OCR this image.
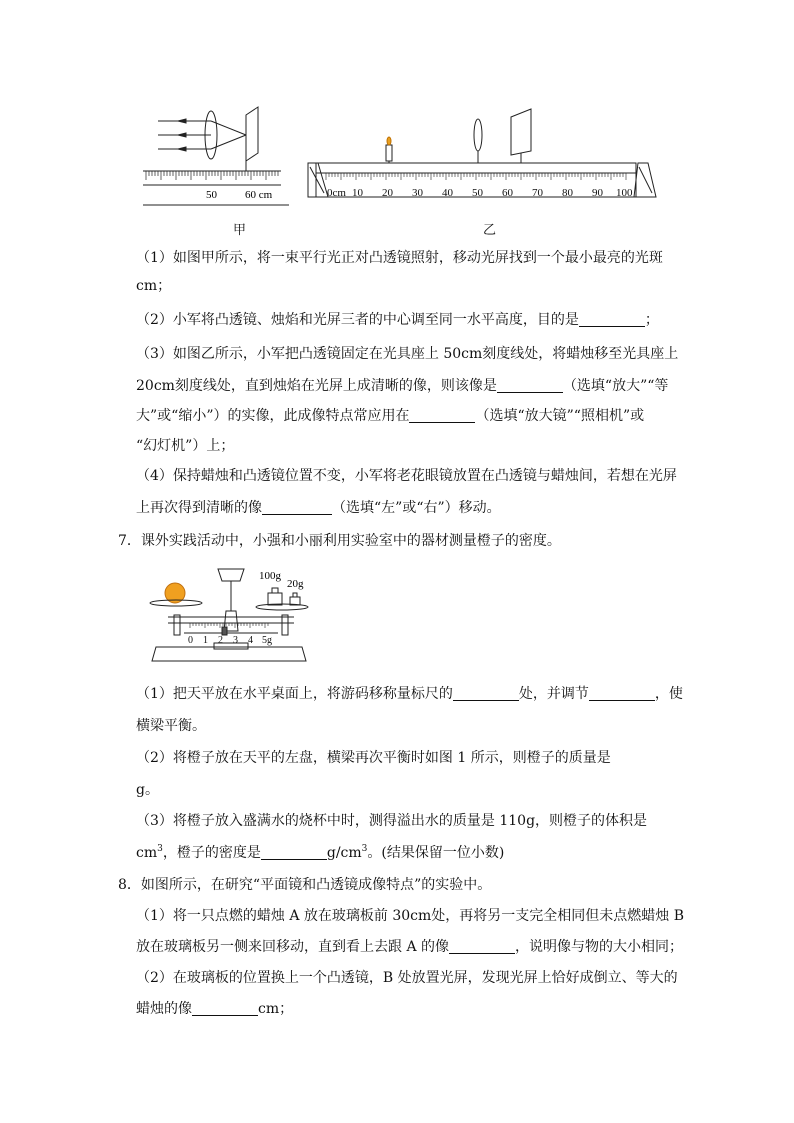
50	60 cm
甲
0cm 10 20 30 40 50 60 70 80 90 100
乙
（1）如图甲所示，将一束平行光正对凸透镜照射，移动光屏找到一个最小最亮的光斑
cm；
（2）小军将凸透镜、烛焰和光屏三者的中心调至同一水平高度，目的是	；
（3）如图乙所示，小军把凸透镜固定在光具座上 50cm刻度线处，将蜡烛移至光具座上
20cm刻度线处，直到烛焰在光屏上成清晰的像，则该像是	（选填“放大”“等
大”或“缩小”）的实像，此成像特点常应用在	（选填“放大镜”“照相机”或
“幻灯机”）上；
（4）保持蜡烛和凸透镜位置不变，小军将老花眼镜放置在凸透镜与蜡烛间，若想在光屏
上再次得到清晰的像	（选填“左”或“右”）移动。
7．课外实践活动中，小强和小丽利用实验室中的器材测量橙子的密度。
100g
20g
0 1 2 3 4 5g
（1）把天平放在水平桌面上，将游码移称量标尺的	处，并调节	，使
横梁平衡。
（2）将橙子放在天平的左盘，横梁再次平衡时如图 1 所示，则橙子的质量是
g。
（3）将橙子放入盛满水的烧杯中时，测得溢出水的质量是 110g，则橙子的体积是
$cm^3$，橙子的密度是	$g/cm^3$。(结果保留一位小数)
8．如图所示，在研究“平面镜和凸透镜成像特点”的实验中。
（1）将一只点燃的蜡烛 A 放在玻璃板前 30cm处，再将另一支完全相同但未点燃蜡烛 B
放在玻璃板另一侧来回移动，直到看上去跟 A 的像	，说明像与物的大小相同；
（2）在玻璃板的位置换上一个凸透镜，B 处放置光屏，发现光屏上恰好成倒立、等大的
蜡烛的像	cm；
